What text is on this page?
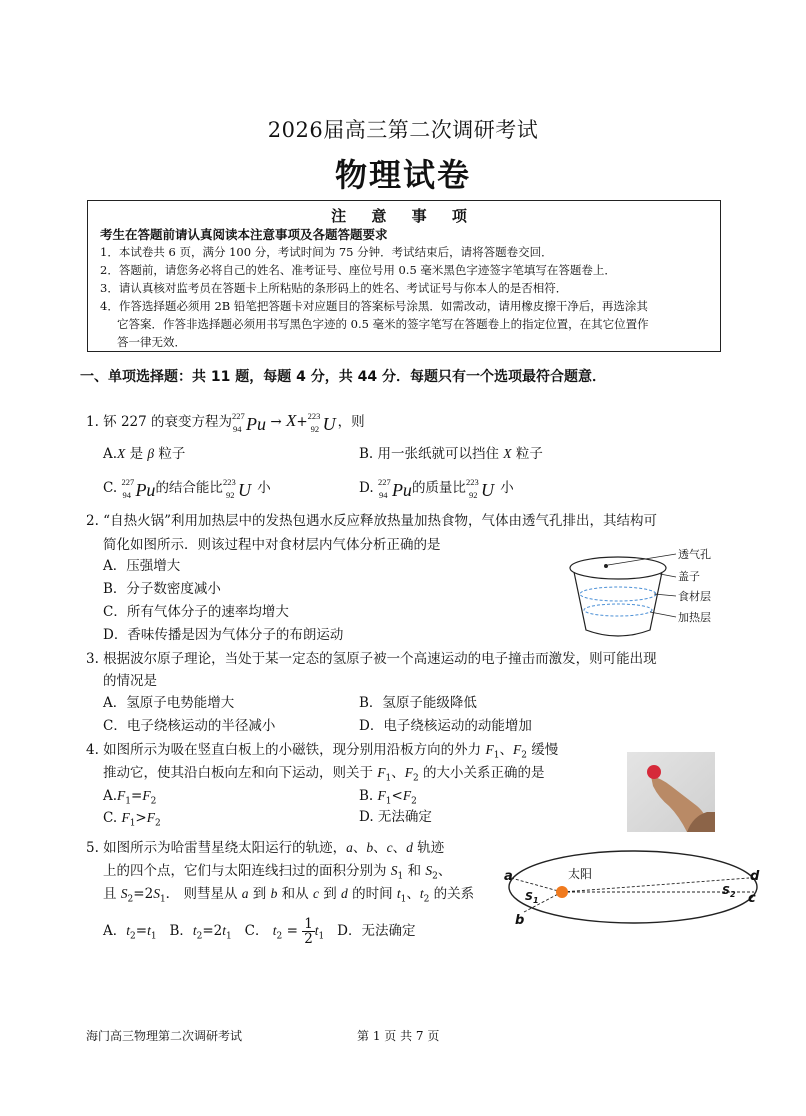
2026届高三第二次调研考试
物理试卷
注 意 事 项
考生在答题前请认真阅读本注意事项及各题答题要求
1．本试卷共 6 页，满分 100 分，考试时间为 75 分钟．考试结束后，请将答题卷交回．
2．答题前，请您务必将自己的姓名、准考证号、座位号用 0.5 毫米黑色字迹签字笔填写在答题卷上．
3．请认真核对监考员在答题卡上所粘贴的条形码上的姓名、考试证号与你本人的是否相符．
4．作答选择题必须用 2B 铅笔把答题卡对应题目的答案标号涂黑．如需改动，请用橡皮擦干净后，再选涂其
它答案．作答非选择题必须用书写黑色字迹的 0.5 毫米的签字笔写在答题卷上的指定位置，在其它位置作
答一律无效．
一、单项选择题：共 11 题，每题 4 分，共 44 分．每题只有一个选项最符合题意．
1. 钚 227 的衰变方程为 227
94 Pu → X+ 223
92 U ，则
A.X 是 β 粒子	B. 用一张纸就可以挡住 X 粒子
C. 227
94 Pu 的结合能比 223
92 U 小	D. 227
94 Pu 的质量比 223
92 U 小
2. “自热火锅”利用加热层中的发热包遇水反应释放热量加热食物，气体由透气孔排出，其结构可
简化如图所示．则该过程中对食材层内气体分析正确的是
A．压强增大
B．分子数密度减小
C．所有气体分子的速率均增大
D．香味传播是因为气体分子的布朗运动
透气孔
盖子
食材层
加热层
3. 根据波尔原子理论，当处于某一定态的氢原子被一个高速运动的电子撞击而激发，则可能出现
的情况是
A．氢原子电势能增大	B．氢原子能级降低
C．电子绕核运动的半径减小	D．电子绕核运动的动能增加
4. 如图所示为吸在竖直白板上的小磁铁，现分别用沿板方向的外力 $F_1$、$F_2$ 缓慢
推动它，使其沿白板向左和向下运动，则关于 $F_1$、$F_2$ 的大小关系正确的是
$A.F_1=F_2$	B. $F_1<F_2$
C. $F_1>F_2$	D. 无法确定
5. 如图所示为哈雷彗星绕太阳运行的轨迹，a、b、c、d 轨迹
上的四个点，它们与太阳连线扫过的面积分别为 $S_1$ 和 $S_2$、
且 $S_2=2S_1$． 则彗星从 a 到 b 和从 c 到 d 的时间 $t_1$、$t_2$ 的关系
A．$t_2=t_1$ B．$t_2=2t_1$ C． $t_2 = \frac{1}{2} t_1$ D．无法确定
太阳
$S_1$
$S_2$
a
b
c
d
海门高三物理第二次调研考试	第 1 页 共 7 页
